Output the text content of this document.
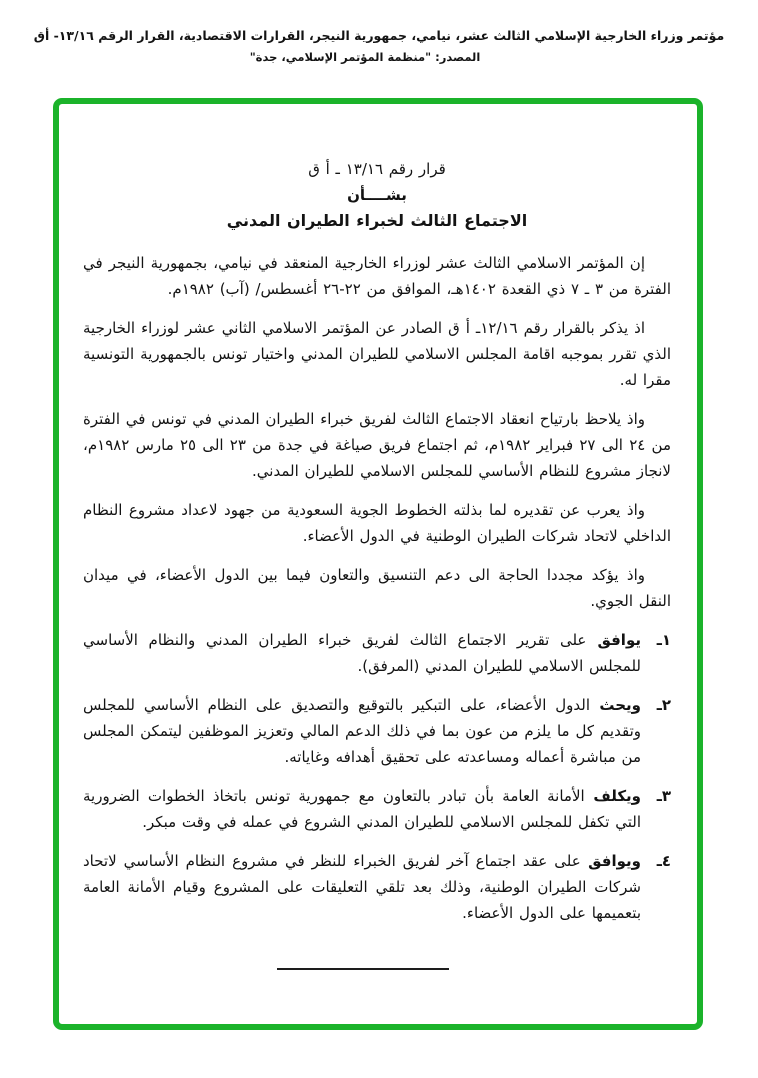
مؤتمر وزراء الخارجية الإسلامي الثالث عشر، نيامي، جمهورية النيجر، القرارات الاقتصادية، القرار الرقم ١٣/١٦- أق
المصدر: "منظمة المؤتمر الإسلامي، جدة"
قرار رقم ١٣/١٦ ـ أ ق
بشــــأن
الاجتماع الثالث لخبراء الطيران المدني
إن المؤتمر الاسلامي الثالث عشر لوزراء الخارجية المنعقد في نيامي، بجمهورية النيجر في الفترة من ٣ ـ ٧ ذي القعدة ١٤٠٢هـ، الموافق من ٢٢-٢٦ أغسطس/ (آب) ١٩٨٢م.
اذ يذكر بالقرار رقم ١٢/١٦ـ أ ق الصادر عن المؤتمر الاسلامي الثاني عشر لوزراء الخارجية الذي تقرر بموجبه اقامة المجلس الاسلامي للطيران المدني واختيار تونس بالجمهورية التونسية مقرا له.
واذ يلاحظ بارتياح انعقاد الاجتماع الثالث لفريق خبراء الطيران المدني في تونس في الفترة من ٢٤ الى ٢٧ فبراير ١٩٨٢م، ثم اجتماع فريق صياغة في جدة من ٢٣ الى ٢٥ مارس ١٩٨٢م، لانجاز مشروع للنظام الأساسي للمجلس الاسلامي للطيران المدني.
واذ يعرب عن تقديره لما بذلته الخطوط الجوية السعودية من جهود لاعداد مشروع النظام الداخلي لاتحاد شركات الطيران الوطنية في الدول الأعضاء.
واذ يؤكد مجددا الحاجة الى دعم التنسيق والتعاون فيما بين الدول الأعضاء، في ميدان النقل الجوي.
١ـ
يوافق على تقرير الاجتماع الثالث لفريق خبراء الطيران المدني والنظام الأساسي للمجلس الاسلامي للطيران المدني (المرفق).
٢ـ
ويحث الدول الأعضاء، على التبكير بالتوقيع والتصديق على النظام الأساسي للمجلس وتقديم كل ما يلزم من عون بما في ذلك الدعم المالي وتعزيز الموظفين ليتمكن المجلس من مباشرة أعماله ومساعدته على تحقيق أهدافه وغاياته.
٣ـ
ويكلف الأمانة العامة بأن تبادر بالتعاون مع جمهورية تونس باتخاذ الخطوات الضرورية التي تكفل للمجلس الاسلامي للطيران المدني الشروع في عمله في وقت مبكر.
٤ـ
ويوافق على عقد اجتماع آخر لفريق الخبراء للنظر في مشروع النظام الأساسي لاتحاد شركات الطيران الوطنية، وذلك بعد تلقي التعليقات على المشروع وقيام الأمانة العامة بتعميمها على الدول الأعضاء.
